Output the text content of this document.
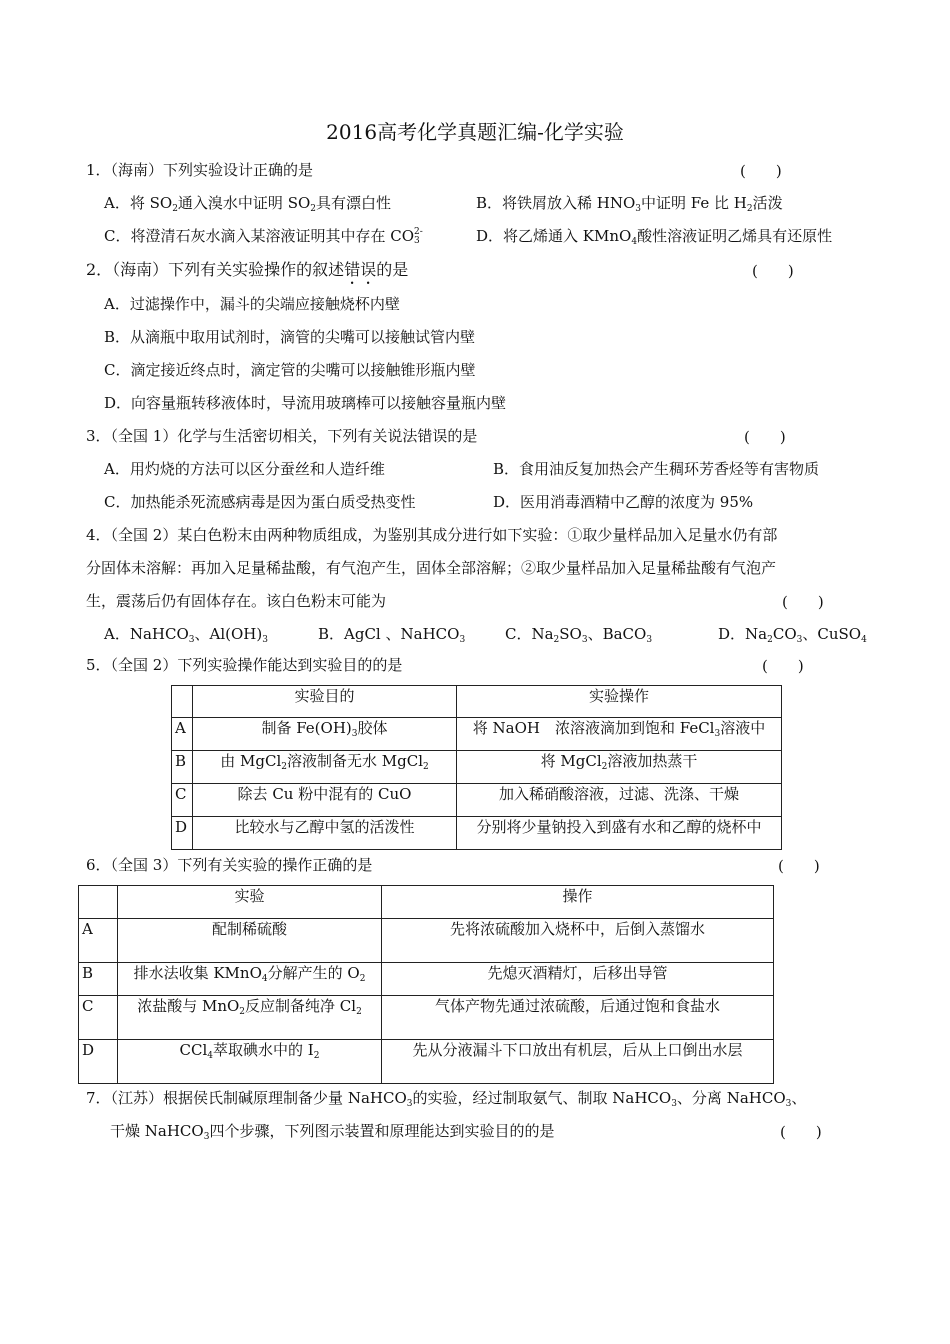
2016高考化学真题汇编-化学实验
1．（海南）下列实验设计正确的是	(　　)
A．将 $SO_2$通入溴水中证明 $SO_2$具有漂白性	B．将铁屑放入稀 $HNO_3$中证明 Fe 比 $H_2$活泼
C．将澄清石灰水滴入某溶液证明其中存在 CO2-
3	D．将乙烯通入 KMnO$_4$酸性溶液证明乙烯具有还原性
2．（海南）下列有关实验操作的叙述错误的是	(　　)
A．过滤操作中，漏斗的尖端应接触烧杯内壁
B．从滴瓶中取用试剂时，滴管的尖嘴可以接触试管内壁
C．滴定接近终点时，滴定管的尖嘴可以接触锥形瓶内壁
D．向容量瓶转移液体时，导流用玻璃棒可以接触容量瓶内壁
3．（全国 1）化学与生活密切相关，下列有关说法错误的是	(　　)
A．用灼烧的方法可以区分蚕丝和人造纤维	B．食用油反复加热会产生稠环芳香烃等有害物质
C．加热能杀死流感病毒是因为蛋白质受热变性	D．医用消毒酒精中乙醇的浓度为 95%
4．（全国 2）某白色粉末由两种物质组成，为鉴别其成分进行如下实验：①取少量样品加入足量水仍有部
分固体未溶解：再加入足量稀盐酸，有气泡产生，固体全部溶解；②取少量样品加入足量稀盐酸有气泡产
生，震荡后仍有固体存在。该白色粉末可能为	(　　)
A．NaHCO$_3$、$Al(OH)_3$	B．AgCl 、NaHCO$_3$	C．$Na_2SO_3$、BaCO$_3$	D．$Na_2CO_3$、CuSO$_4$
5．（全国 2）下列实验操作能达到实验目的的是	(　　)
	实验目的	实验操作
A	制备 $Fe(OH)_3$胶体	将 NaOH　浓溶液滴加到饱和 FeCl$_3$溶液中
B	由 MgCl$_2$溶液制备无水 MgCl$_2$	将 MgCl$_2$溶液加热蒸干
C	除去 Cu 粉中混有的 CuO	加入稀硝酸溶液，过滤、洗涤、干燥
D	比较水与乙醇中氢的活泼性	分别将少量钠投入到盛有水和乙醇的烧杯中
6．（全国 3）下列有关实验的操作正确的是	(　　)
	实验	操作
A	配制稀硫酸	先将浓硫酸加入烧杯中，后倒入蒸馏水
B	排水法收集 KMnO$_4$分解产生的 $O_2$	先熄灭酒精灯，后移出导管
C	浓盐酸与 MnO$_2$反应制备纯净 $Cl_2$	气体产物先通过浓硫酸，后通过饱和食盐水
D	CCl$_4$萃取碘水中的 $I_2$	先从分液漏斗下口放出有机层，后从上口倒出水层
7．（江苏）根据侯氏制碱原理制备少量 NaHCO$_3$的实验，经过制取氨气、制取 NaHCO$_3$、分离 NaHCO$_3$、
干燥 NaHCO$_3$四个步骤，下列图示装置和原理能达到实验目的的是	(　　)
